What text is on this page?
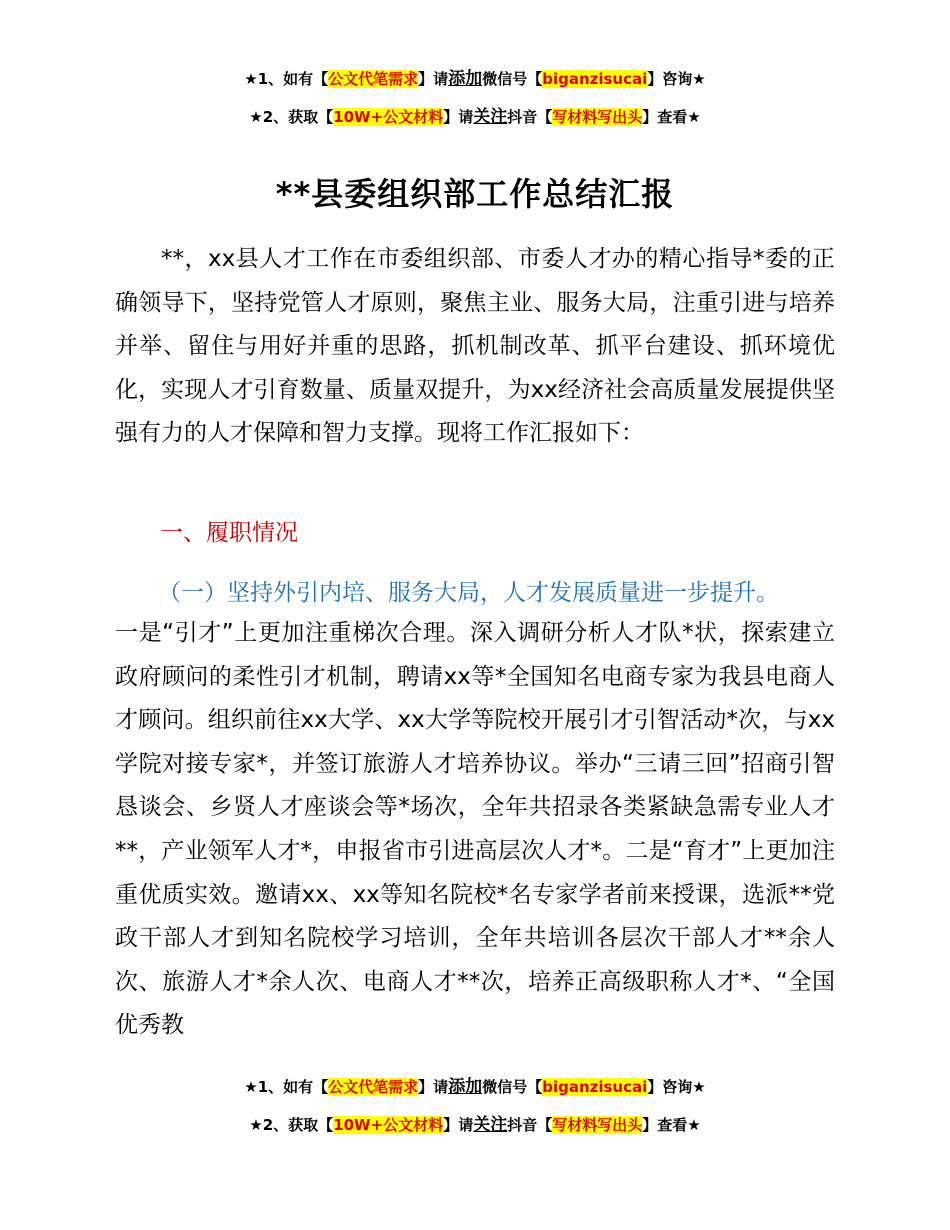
★1、如有【公文代笔需求】请添加微信号【biganzisucai】咨询★
★2、获取【10W+公文材料】请关注抖音【写材料写出头】查看★
**县委组织部工作总结汇报

**，xx县人才工作在市委组织部、市委人才办的精心指导*委的正确领导下，坚持党管人才原则，聚焦主业、服务大局，注重引进与培养并举、留住与用好并重的思路，抓机制改革、抓平台建设、抓环境优化，实现人才引育数量、质量双提升，为xx经济社会高质量发展提供坚强有力的人才保障和智力支撑。现将工作汇报如下：

一、履职情况
（一）坚持外引内培、服务大局，人才发展质量进一步提升。

一是“引才”上更加注重梯次合理。深入调研分析人才队*状，探索建立政府顾问的柔性引才机制，聘请xx等*全国知名电商专家为我县电商人才顾问。组织前往xx大学、xx大学等院校开展引才引智活动*次，与xx学院对接专家*，并签订旅游人才培养协议。举办“三请三回”招商引智恳谈会、乡贤人才座谈会等*场次，全年共招录各类紧缺急需专业人才**，产业领军人才*，申报省市引进高层次人才*。二是“育才”上更加注重优质实效。邀请xx、xx等知名院校*名专家学者前来授课，选派**党政干部人才到知名院校学习培训，全年共培训各层次干部人才**余人次、旅游人才*余人次、电商人才**次，培养正高级职称人才*、“全国优秀教

★1、如有【公文代笔需求】请添加微信号【biganzisucai】咨询★
★2、获取【10W+公文材料】请关注抖音【写材料写出头】查看★
